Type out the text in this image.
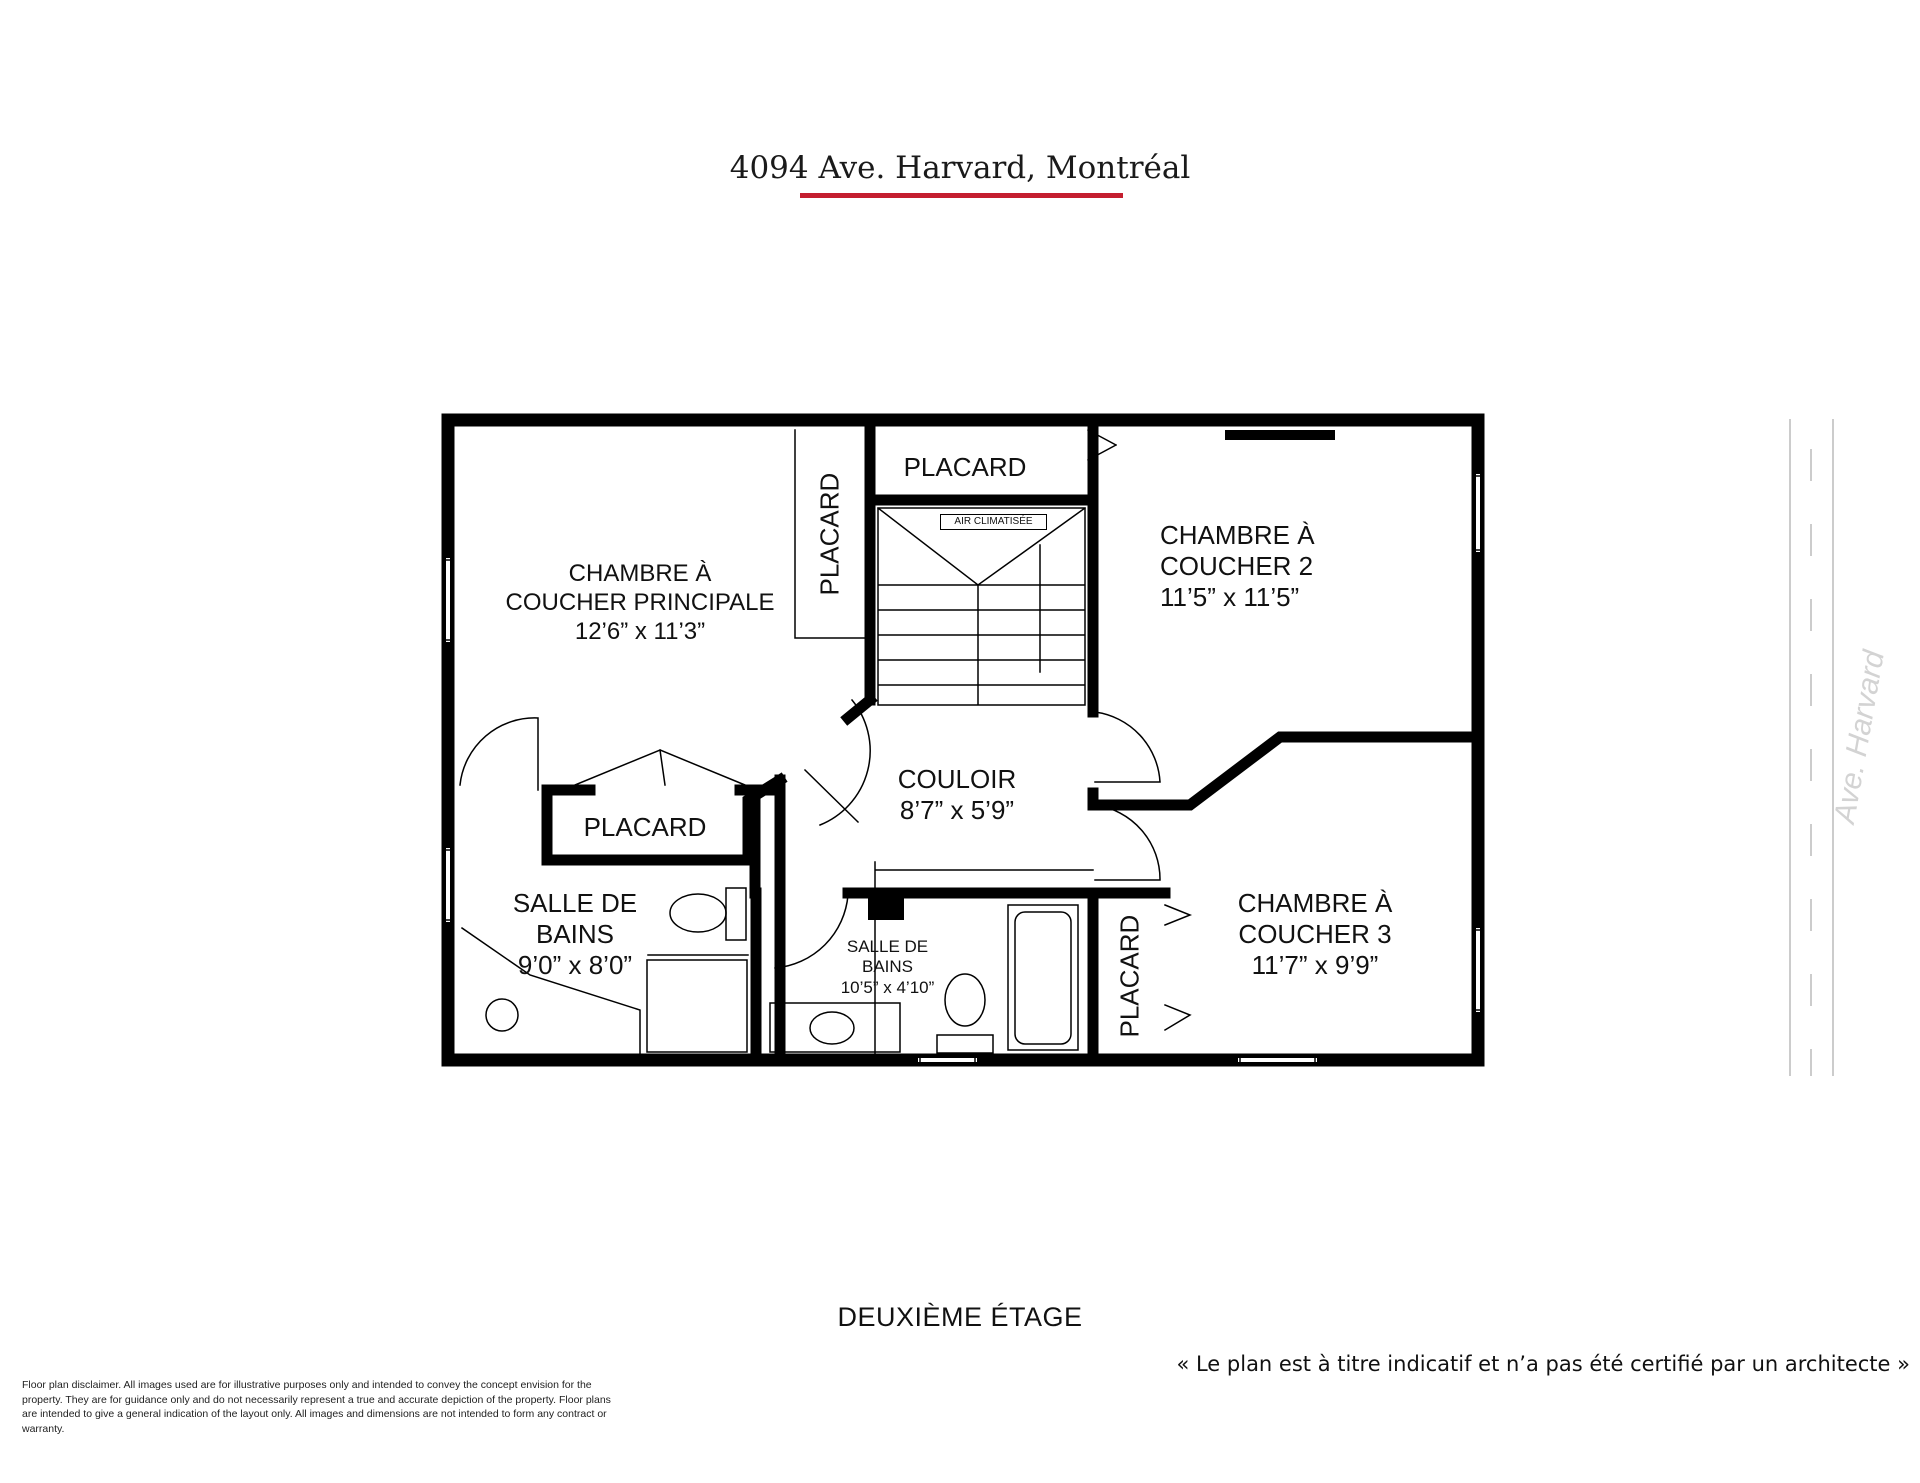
4094 Ave. Harvard, Montréal
CHAMBRE À
COUCHER PRINCIPALE
12’6” x 11’3”
PLACARD
PLACARD
AIR CLIMATISÉE	CHAMBRE À
COUCHER 2
11’5” x 11’5”
COULOIR
8’7” x 5’9”
PLACARD
SALLE DE
BAINS
9’0” x 8’0”
SALLE DE
BAINS
10’5” x 4’10”	PLACARD
CHAMBRE À
COUCHER 3
11’7” x 9’9”
Ave. Harvard
DEUXIÈME ÉTAGE
« Le plan est à titre indicatif et n’a pas été certifié par un architecte »
Floor plan disclaimer. All images used are for illustrative purposes only and intended to convey the concept envision for the property. They are for guidance only and do not necessarily represent a true and accurate depiction of the property. Floor plans are intended to give a general indication of the layout only. All images and dimensions are not intended to form any contract or warranty.
